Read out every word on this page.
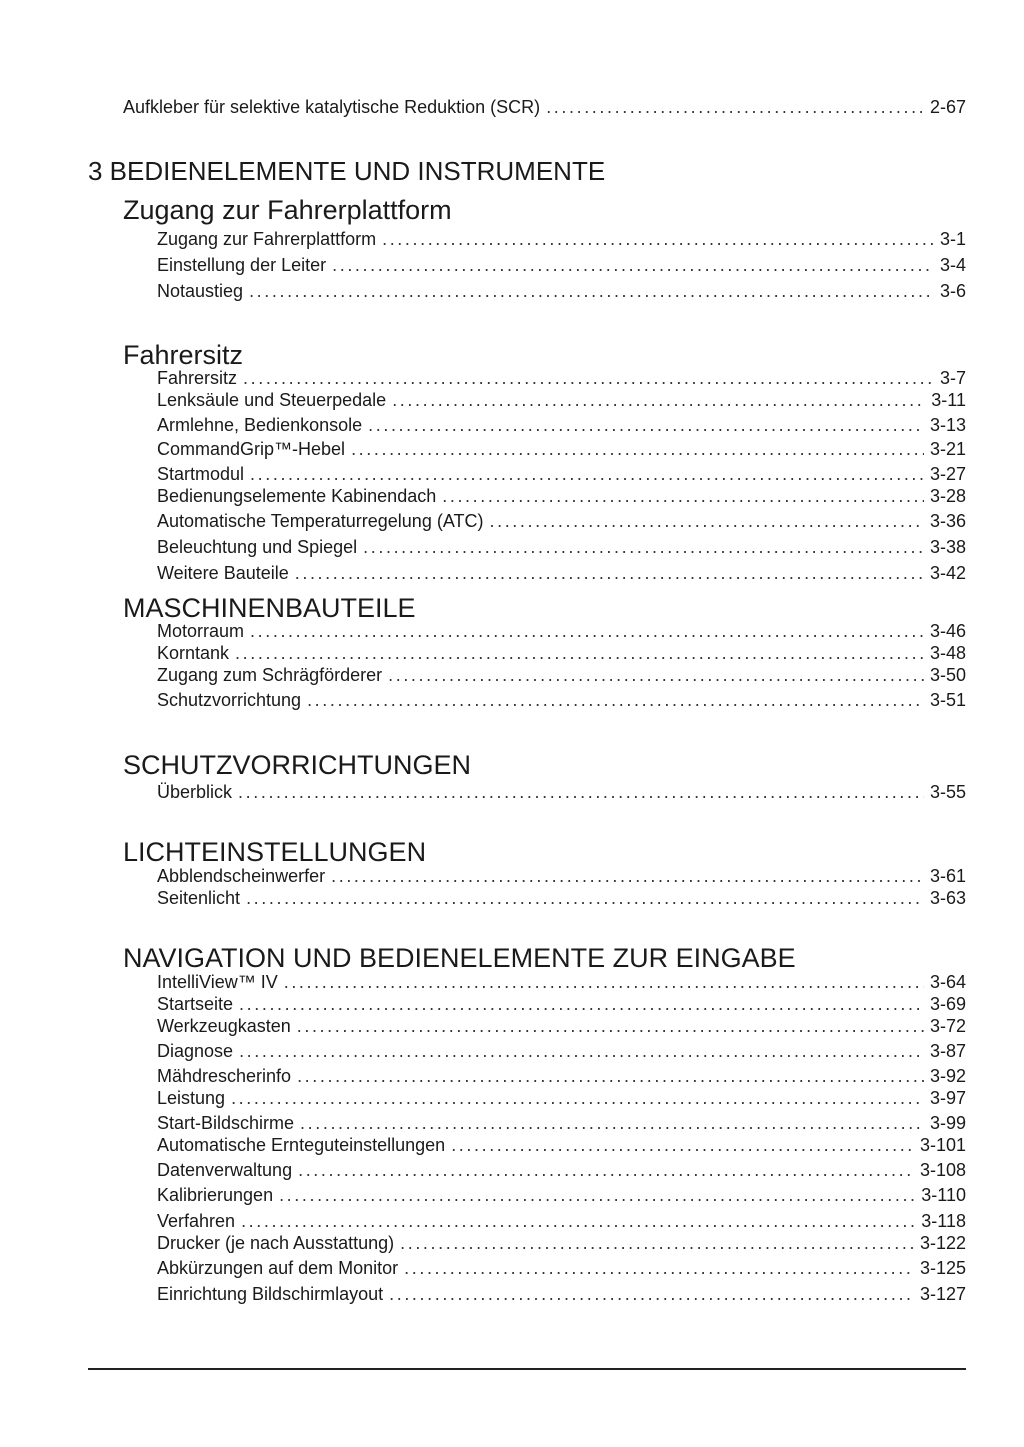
Aufkleber für selektive katalytische Reduktion (SCR) . . .	2-67
3 BEDIENELEMENTE UND INSTRUMENTE
Zugang zur Fahrerplattform
Zugang zur Fahrerplattform . . .	3-1
Einstellung der Leiter . . .	3-4
Notaustieg . . .	3-6
Fahrersitz
Fahrersitz . . .	3-7
Lenksäule und Steuerpedale . . .	3-11
Armlehne, Bedienkonsole . . .	3-13
CommandGrip™-Hebel . . .	3-21
Startmodul . . .	3-27
Bedienungselemente Kabinendach . . .	3-28
Automatische Temperaturregelung (ATC) . . .	3-36
Beleuchtung und Spiegel . . .	3-38
Weitere Bauteile . . .	3-42
MASCHINENBAUTEILE
Motorraum . . .	3-46
Korntank . . .	3-48
Zugang zum Schrägförderer . . .	3-50
Schutzvorrichtung . . .	3-51
SCHUTZVORRICHTUNGEN
Überblick . . .	3-55
LICHTEINSTELLUNGEN
Abblendscheinwerfer . . .	3-61
Seitenlicht . . .	3-63
NAVIGATION UND BEDIENELEMENTE ZUR EINGABE
IntelliView™ IV . . .	3-64
Startseite . . .	3-69
Werkzeugkasten . . .	3-72
Diagnose . . .	3-87
Mähdrescherinfo . . .	3-92
Leistung . . .	3-97
Start-Bildschirme . . .	3-99
Automatische Ernteguteinstellungen . . .	3-101
Datenverwaltung . . .	3-108
Kalibrierungen . . .	3-110
Verfahren . . .	3-118
Drucker (je nach Ausstattung) . . .	3-122
Abkürzungen auf dem Monitor . . .	3-125
Einrichtung Bildschirmlayout . . .	3-127
